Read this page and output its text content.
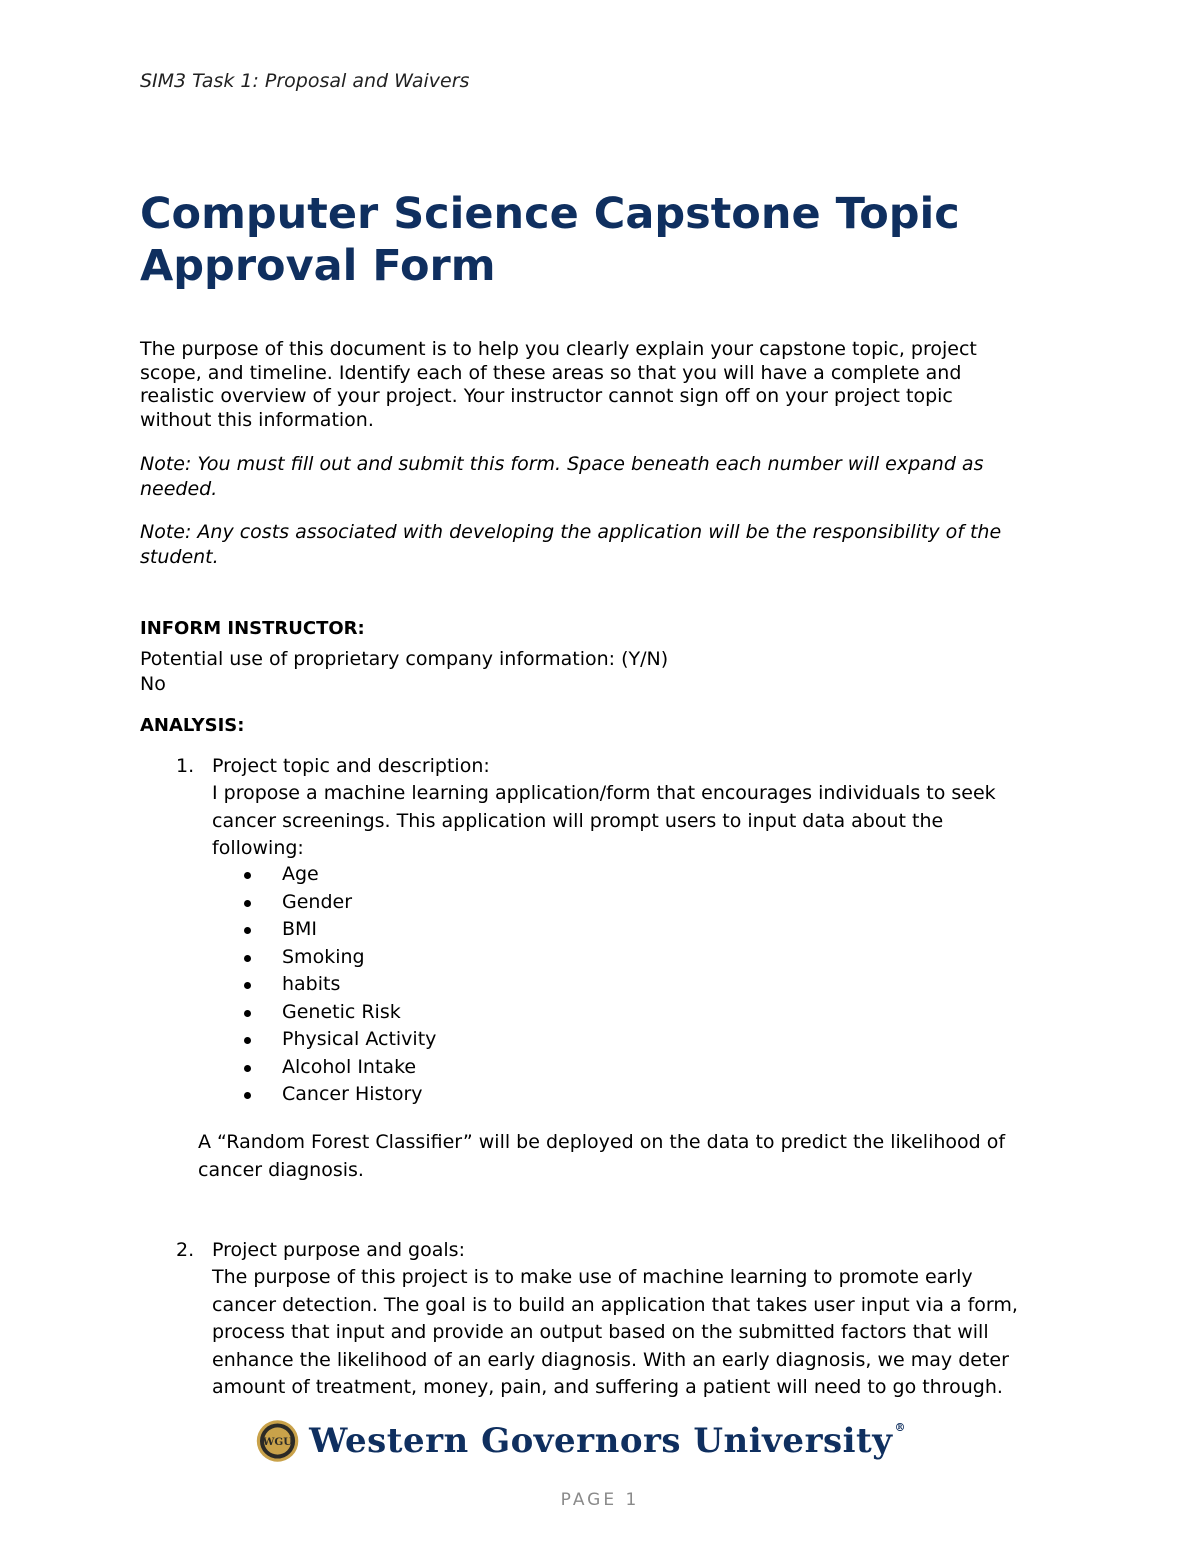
SIM3 Task 1: Proposal and Waivers
Computer Science Capstone Topic
Approval Form

The purpose of this document is to help you clearly explain your capstone topic, project
scope, and timeline. Identify each of these areas so that you will have a complete and
realistic overview of your project. Your instructor cannot sign off on your project topic
without this information.

Note: You must fill out and submit this form. Space beneath each number will expand as
needed.

Note: Any costs associated with developing the application will be the responsibility of the
student.

INFORM INSTRUCTOR:
Potential use of proprietary company information: (Y/N)
No
ANALYSIS:
1. Project topic and description:
I propose a machine learning application/form that encourages individuals to seek
cancer screenings. This application will prompt users to input data about the
following:
Age
Gender
BMI
Smoking
habits
Genetic Risk
Physical Activity
Alcohol Intake
Cancer History
A “Random Forest Classifier” will be deployed on the data to predict the likelihood of
cancer diagnosis.
2. Project purpose and goals:
The purpose of this project is to make use of machine learning to promote early
cancer detection. The goal is to build an application that takes user input via a form,
process that input and provide an output based on the submitted factors that will
enhance the likelihood of an early diagnosis. With an early diagnosis, we may deter
amount of treatment, money, pain, and suffering a patient will need to go through.
WGU Western Governors University ®
PAGE 1
